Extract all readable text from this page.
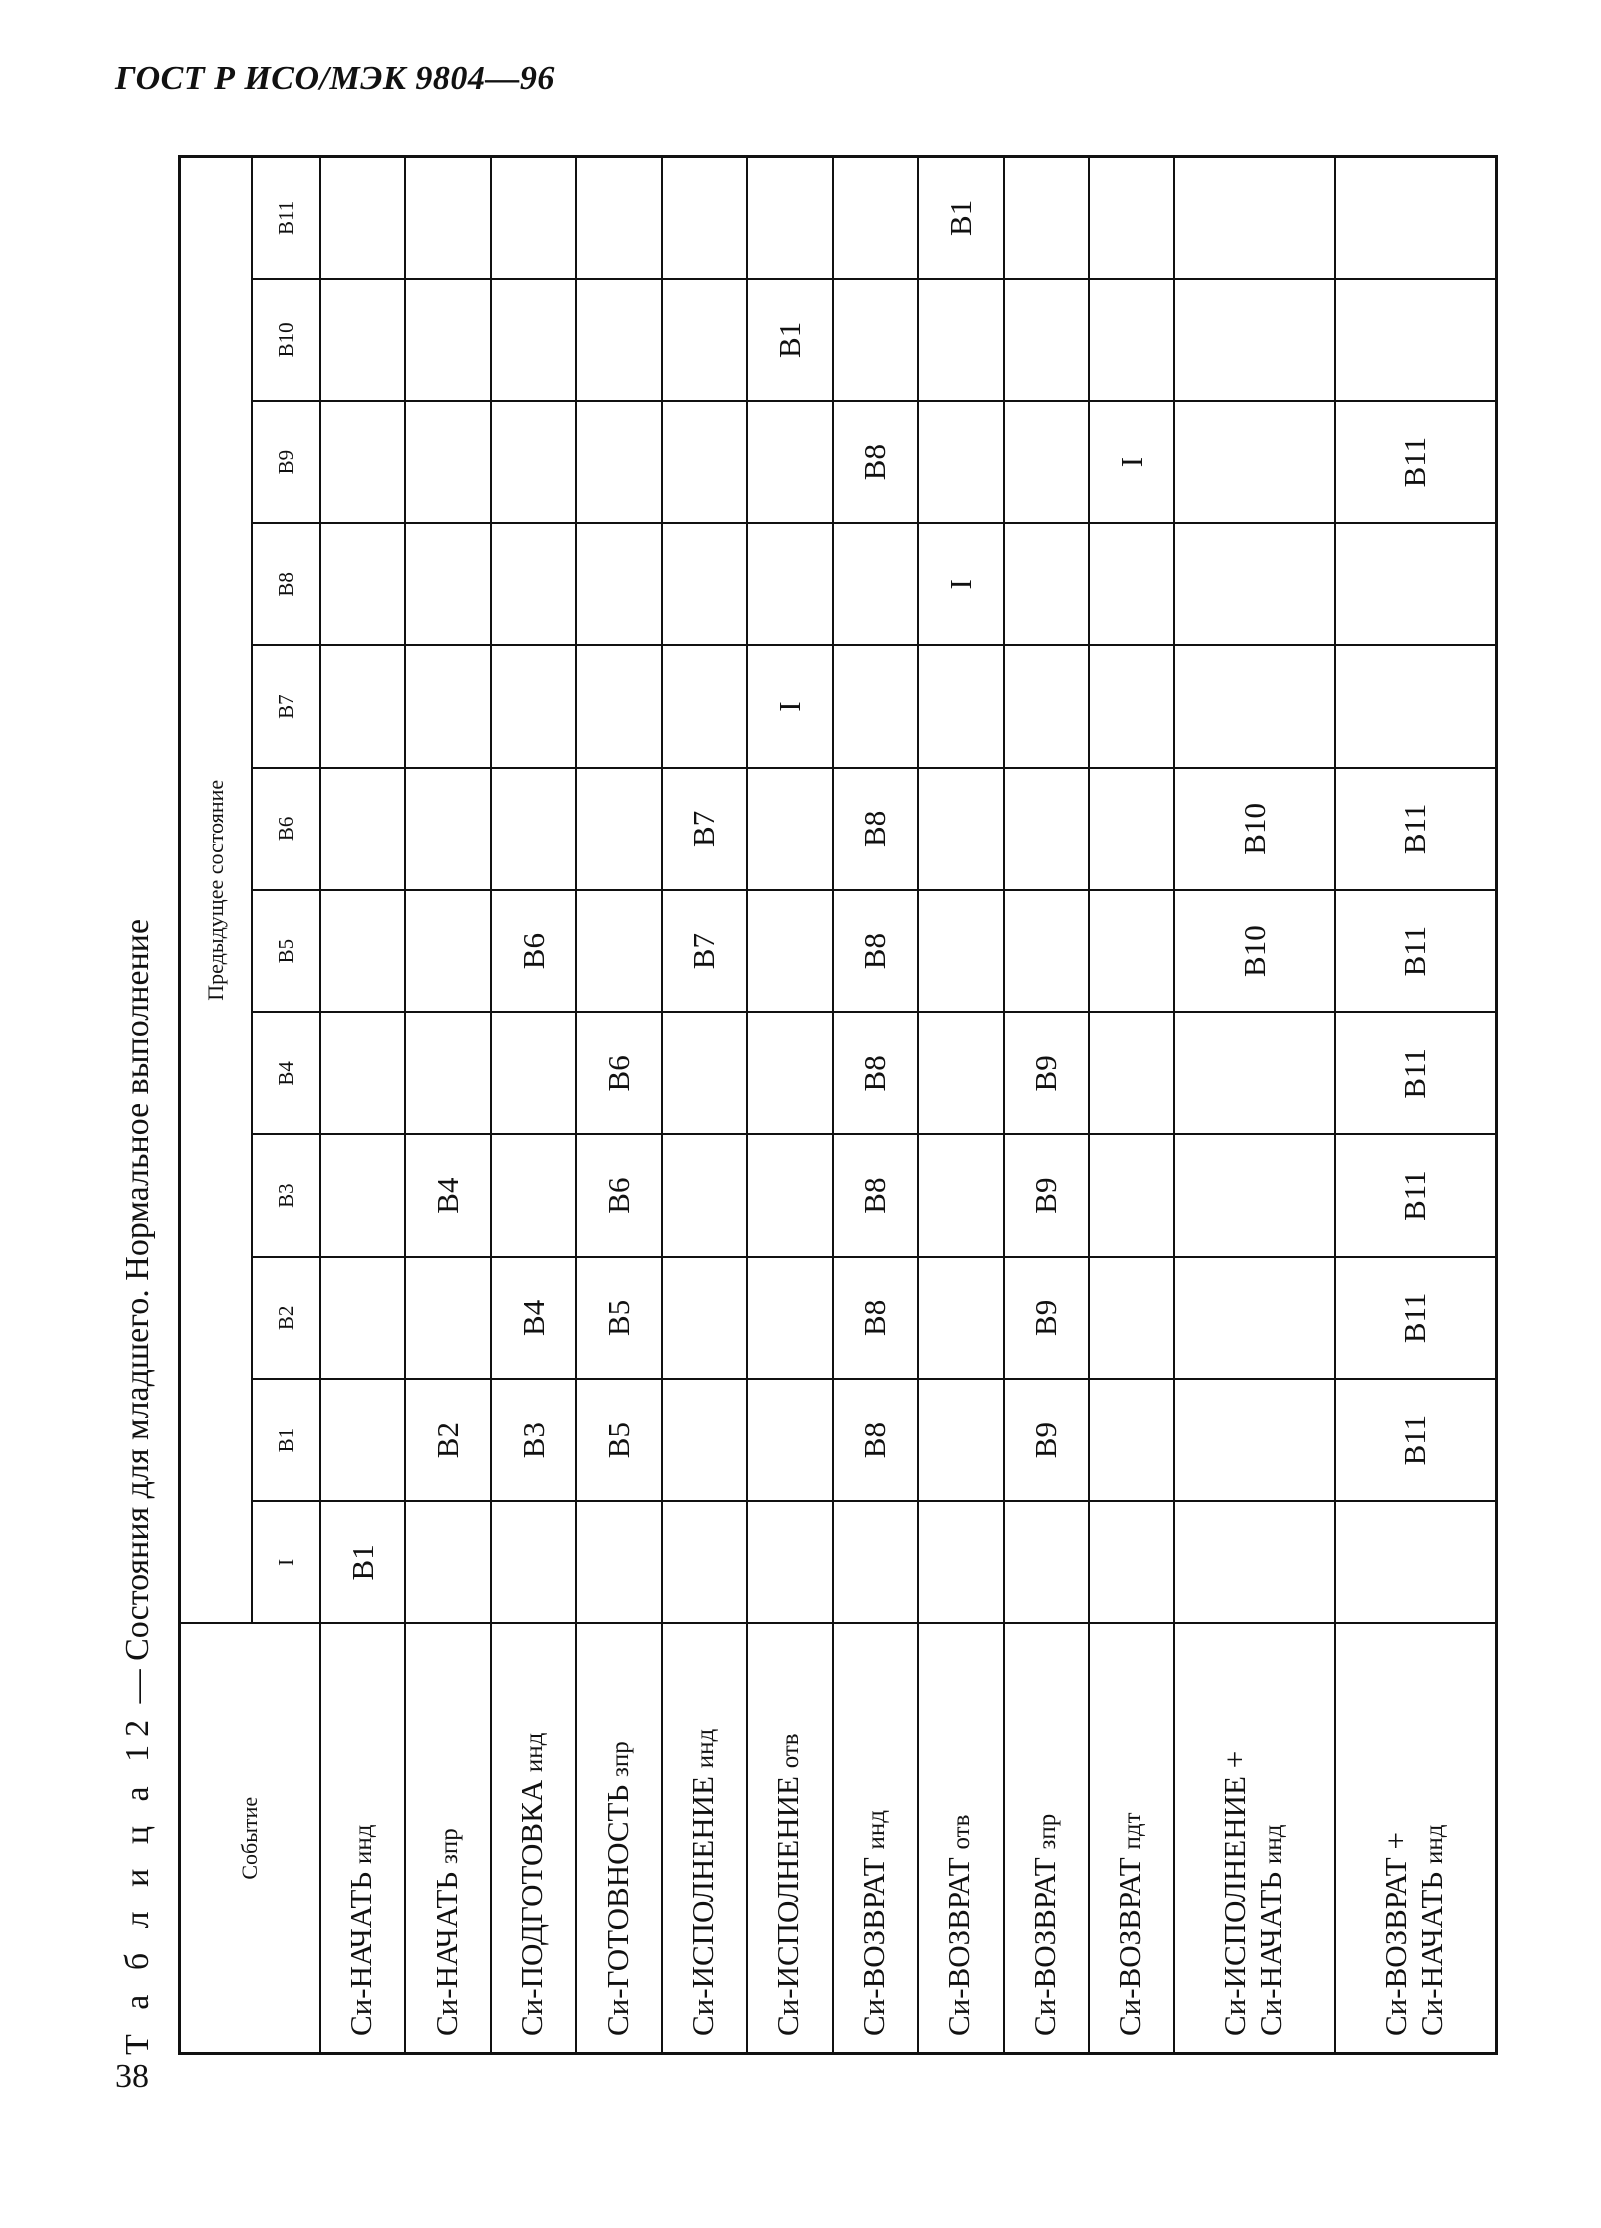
ГОСТ Р ИСО/МЭК 9804—96
Т а б л и ц а 12 — Состояния для младшего. Нормальное выполнение
Событие	Предыдущее состояние											
	I	B1	B2	B3	B4	B5	B6	B7	B8	B9	B10	B11
Си-НАЧАТЬ инд	B1											
Си-НАЧАТЬ зпр		B2		B4								
Си-ПОДГОТОВКА инд		B3	B4			B6						
Си-ГОТОВНОСТЬ зпр		B5	B5	B6	B6							
Си-ИСПОЛНЕНИЕ инд						B7	B7					
Си-ИСПОЛНЕНИЕ отв								I			B1	
Си-ВОЗВРАТ инд		B8	B8	B8	B8	B8	B8			B8		
Си-ВОЗВРАТ отв									I			B1
Си-ВОЗВРАТ зпр		B9	B9	B9	B9							
Си-ВОЗВРАТ пдт										I		
Си-ИСПОЛНЕНИЕ +
Си-НАЧАТЬ инд						B10	B10					
Си-ВОЗВРАТ +
Си-НАЧАТЬ инд		B11	B11	B11	B11	B11	B11			B11		
38
